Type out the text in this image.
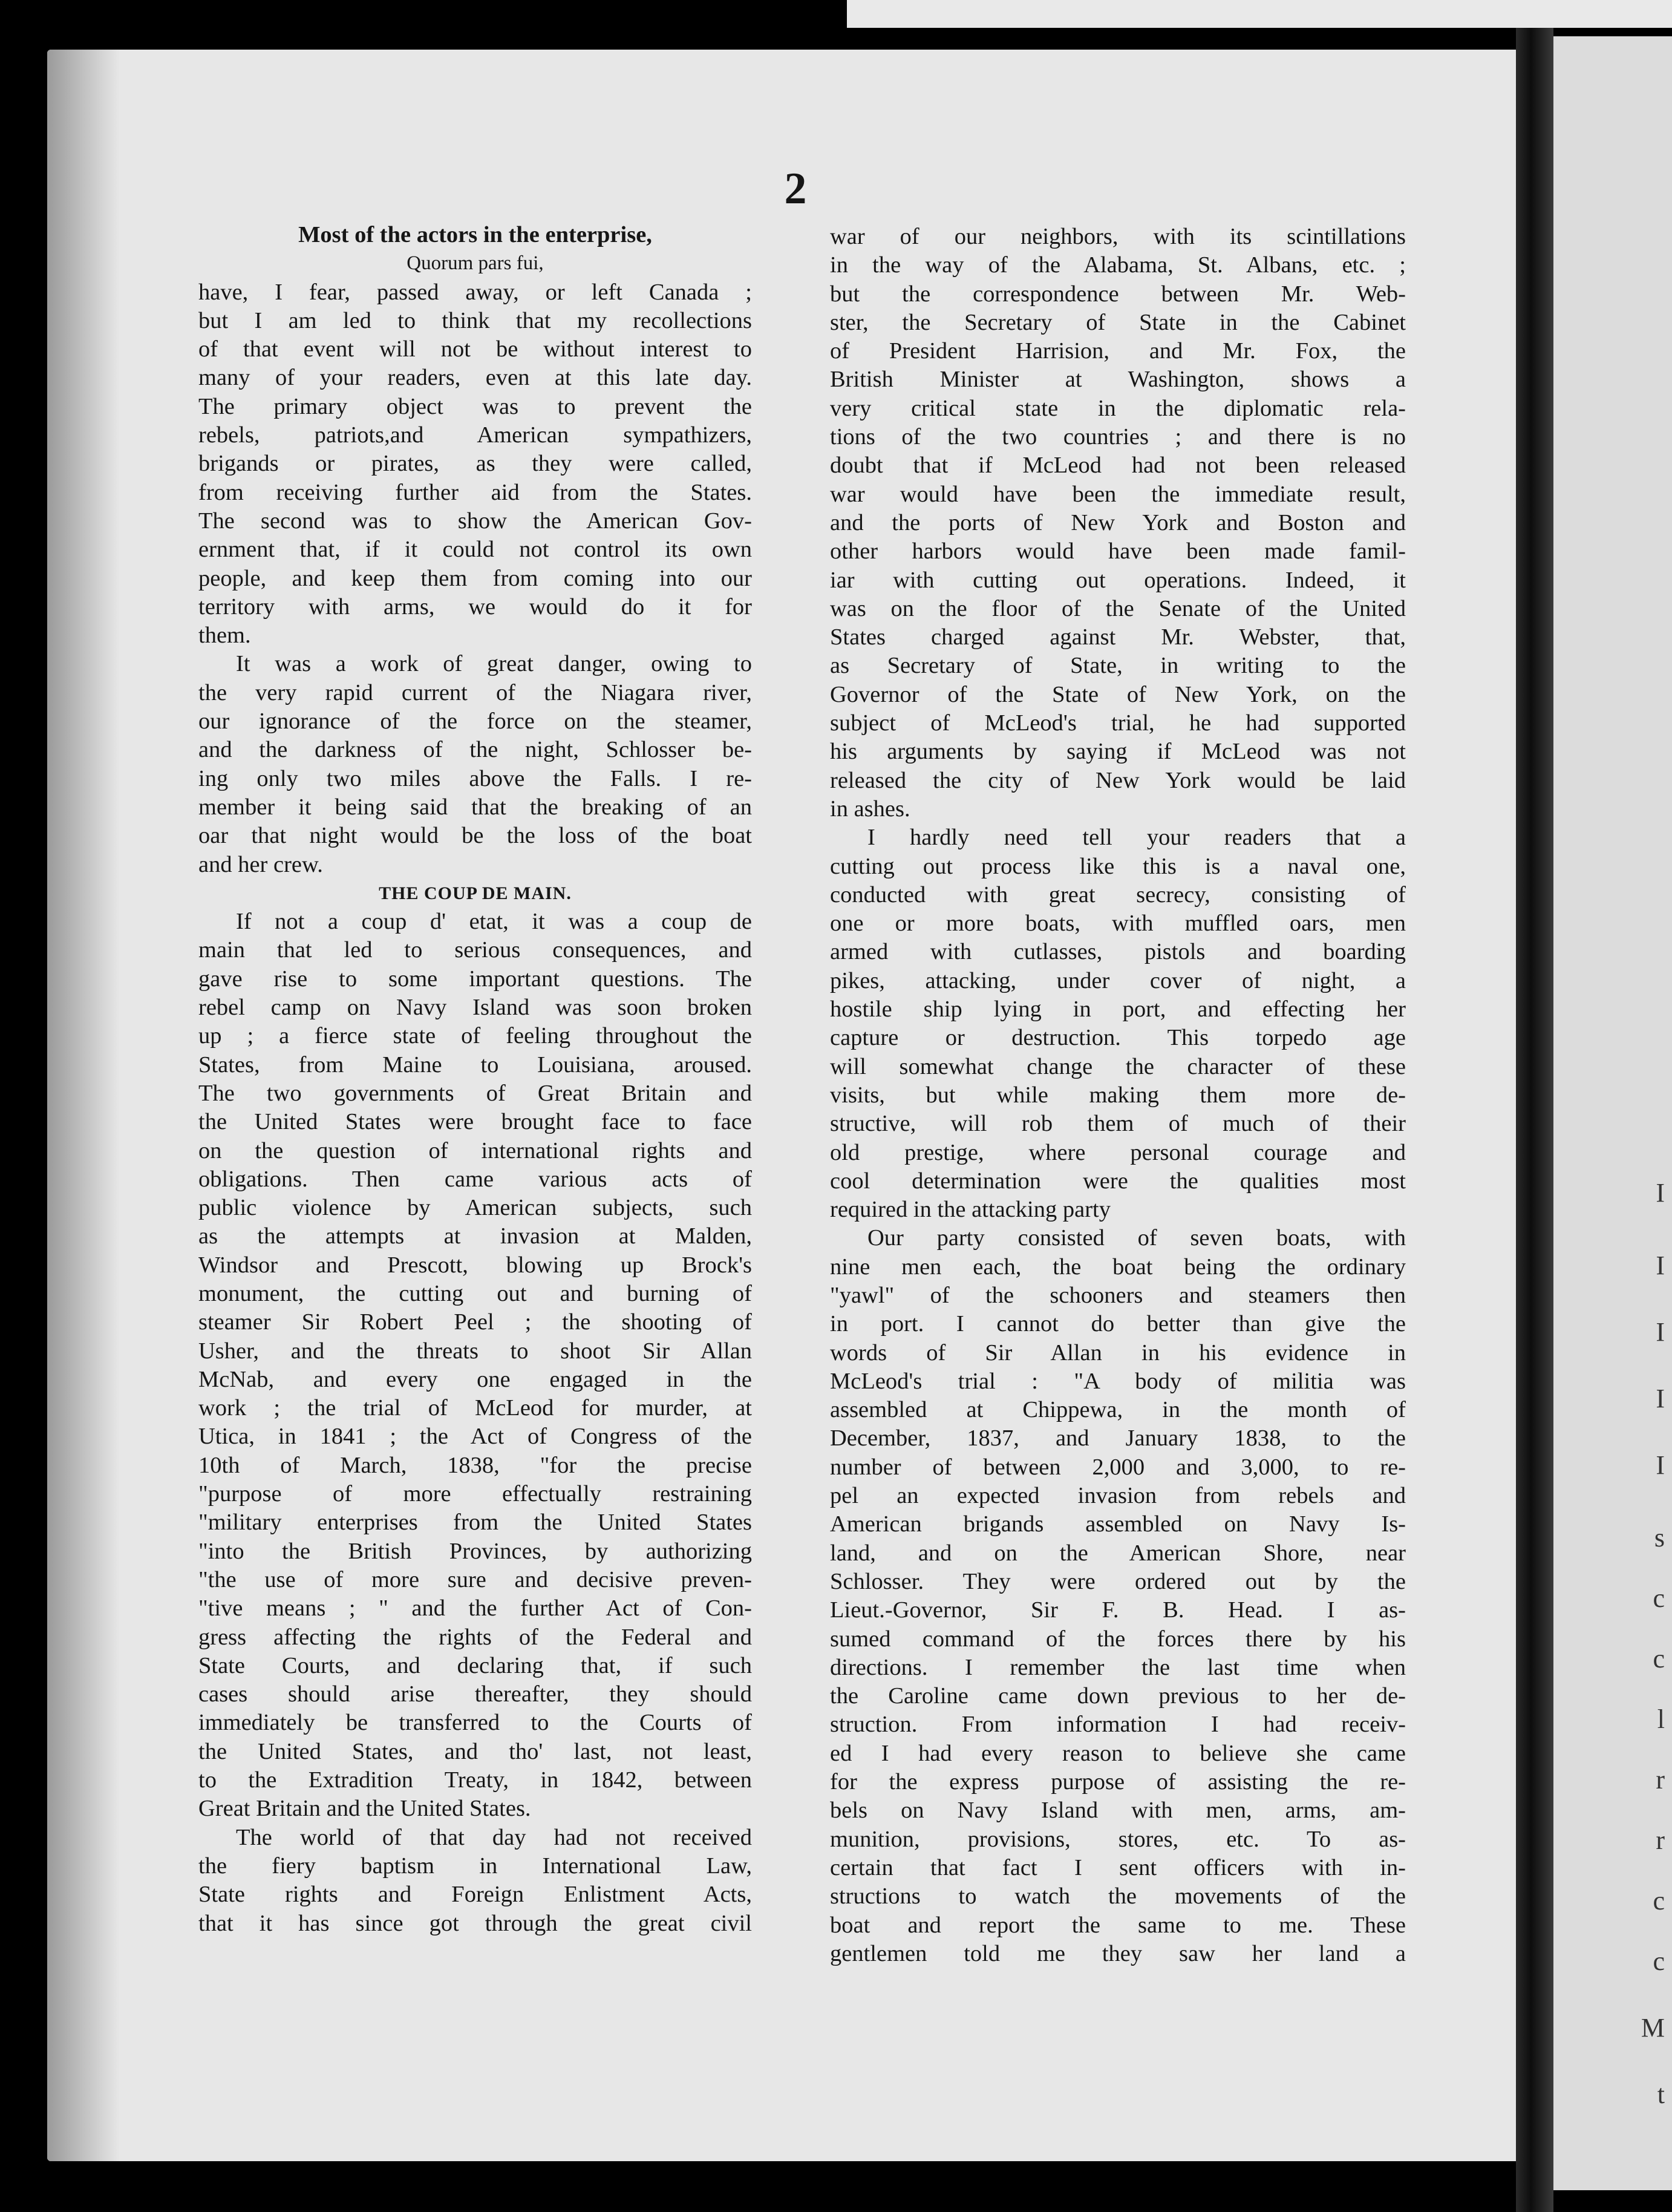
I
I
I
I
I
s
c
c
l
r
r
c
c
M
t
2
Most of the actors in the enterprise,
Quorum pars fui,
have, I fear, passed away, or left Canada ;
but I am led to think that my recollections
of that event will not be without interest to
many of your readers, even at this late day.
The primary object was to prevent the
rebels, patriots,and American sympathizers,
brigands or pirates, as they were called,
from receiving further aid from the States.
The second was to show the American Gov-
ernment that, if it could not control its own
people, and keep them from coming into our
territory with arms, we would do it for
them.
It was a work of great danger, owing to
the very rapid current of the Niagara river,
our ignorance of the force on the steamer,
and the darkness of the night, Schlosser be-
ing only two miles above the Falls. I re-
member it being said that the breaking of an
oar that night would be the loss of the boat
and her crew.
THE COUP DE MAIN.
If not a coup d' etat, it was a coup de
main that led to serious consequences, and
gave rise to some important questions. The
rebel camp on Navy Island was soon broken
up ; a fierce state of feeling throughout the
States, from Maine to Louisiana, aroused.
The two governments of Great Britain and
the United States were brought face to face
on the question of international rights and
obligations. Then came various acts of
public violence by American subjects, such
as the attempts at invasion at Malden,
Windsor and Prescott, blowing up Brock's
monument, the cutting out and burning of
steamer Sir Robert Peel ; the shooting of
Usher, and the threats to shoot Sir Allan
McNab, and every one engaged in the
work ; the trial of McLeod for murder, at
Utica, in 1841 ; the Act of Congress of the
10th of March, 1838, "for the precise
"purpose of more effectually restraining
"military enterprises from the United States
"into the British Provinces, by authorizing
"the use of more sure and decisive preven-
"tive means ; " and the further Act of Con-
gress affecting the rights of the Federal and
State Courts, and declaring that, if such
cases should arise thereafter, they should
immediately be transferred to the Courts of
the United States, and tho' last, not least,
to the Extradition Treaty, in 1842, between
Great Britain and the United States.
The world of that day had not received
the fiery baptism in International Law,
State rights and Foreign Enlistment Acts,
that it has since got through the great civil
war of our neighbors, with its scintillations
in the way of the Alabama, St. Albans, etc. ;
but the correspondence between Mr. Web-
ster, the Secretary of State in the Cabinet
of President Harrision, and Mr. Fox, the
British Minister at Washington, shows a
very critical state in the diplomatic rela-
tions of the two countries ; and there is no
doubt that if McLeod had not been released
war would have been the immediate result,
and the ports of New York and Boston and
other harbors would have been made famil-
iar with cutting out operations. Indeed, it
was on the floor of the Senate of the United
States charged against Mr. Webster, that,
as Secretary of State, in writing to the
Governor of the State of New York, on the
subject of McLeod's trial, he had supported
his arguments by saying if McLeod was not
released the city of New York would be laid
in ashes.
I hardly need tell your readers that a
cutting out process like this is a naval one,
conducted with great secrecy, consisting of
one or more boats, with muffled oars, men
armed with cutlasses, pistols and boarding
pikes, attacking, under cover of night, a
hostile ship lying in port, and effecting her
capture or destruction. This torpedo age
will somewhat change the character of these
visits, but while making them more de-
structive, will rob them of much of their
old prestige, where personal courage and
cool determination were the qualities most
required in the attacking party
Our party consisted of seven boats, with
nine men each, the boat being the ordinary
"yawl" of the schooners and steamers then
in port. I cannot do better than give the
words of Sir Allan in his evidence in
McLeod's trial : "A body of militia was
assembled at Chippewa, in the month of
December, 1837, and January 1838, to the
number of between 2,000 and 3,000, to re-
pel an expected invasion from rebels and
American brigands assembled on Navy Is-
land, and on the American Shore, near
Schlosser. They were ordered out by the
Lieut.-Governor, Sir F. B. Head. I as-
sumed command of the forces there by his
directions. I remember the last time when
the Caroline came down previous to her de-
struction. From information I had receiv-
ed I had every reason to believe she came
for the express purpose of assisting the re-
bels on Navy Island with men, arms, am-
munition, provisions, stores, etc. To as-
certain that fact I sent officers with in-
structions to watch the movements of the
boat and report the same to me. These
gentlemen told me they saw her land a
